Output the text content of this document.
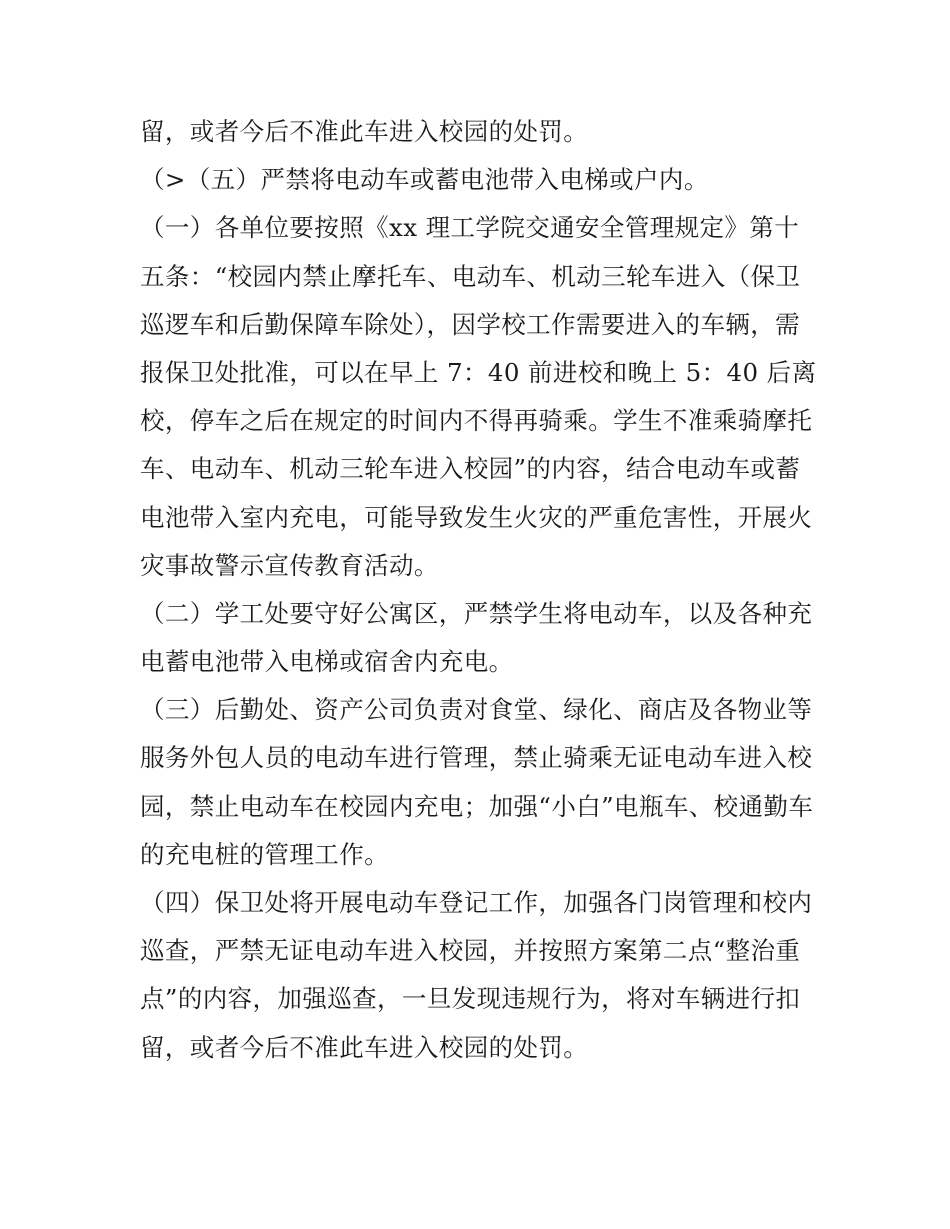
留，或者今后不准此车进入校园的处罚。
（>（五）严禁将电动车或蓄电池带入电梯或户内。
（一）各单位要按照《xx 理工学院交通安全管理规定》第十
五条：“校园内禁止摩托车、电动车、机动三轮车进入（保卫
巡逻车和后勤保障车除处），因学校工作需要进入的车辆，需
报保卫处批准，可以在早上 7：40 前进校和晚上 5：40 后离
校，停车之后在规定的时间内不得再骑乘。学生不准乘骑摩托
车、电动车、机动三轮车进入校园”的内容，结合电动车或蓄
电池带入室内充电，可能导致发生火灾的严重危害性，开展火
灾事故警示宣传教育活动。
（二）学工处要守好公寓区，严禁学生将电动车，以及各种充
电蓄电池带入电梯或宿舍内充电。
（三）后勤处、资产公司负责对食堂、绿化、商店及各物业等
服务外包人员的电动车进行管理，禁止骑乘无证电动车进入校
园，禁止电动车在校园内充电；加强“小白”电瓶车、校通勤车
的充电桩的管理工作。
（四）保卫处将开展电动车登记工作，加强各门岗管理和校内
巡查，严禁无证电动车进入校园，并按照方案第二点“整治重
点”的内容，加强巡查，一旦发现违规行为，将对车辆进行扣
留，或者今后不准此车进入校园的处罚。
